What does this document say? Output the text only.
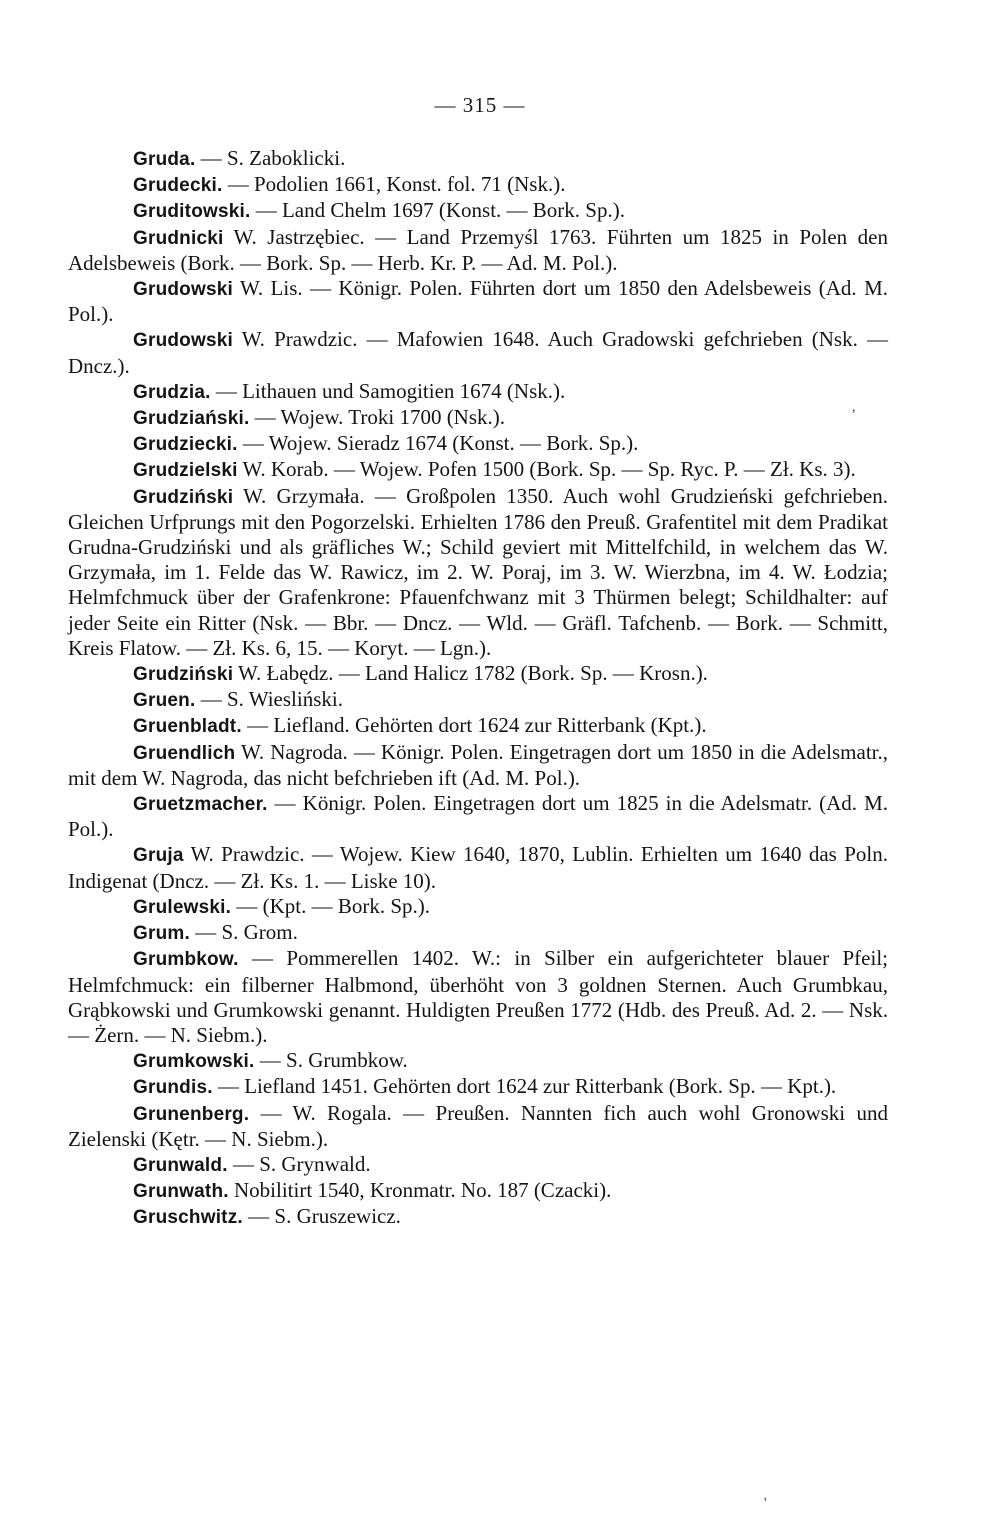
— 315 —

Gruda. — S. Zaboklicki.

Grudecki. — Podolien 1661, Konst. fol. 71 (Nsk.).

Gruditowski. — Land Chelm 1697 (Konst. — Bork. Sp.).

Grudnicki W. Jastrzębiec. — Land Przemyśl 1763. Führten um 1825 in Polen den Adelsbeweis (Bork. — Bork. Sp. — Herb. Kr. P. — Ad. M. Pol.).

Grudowski W. Lis. — Königr. Polen. Führten dort um 1850 den Adelsbeweis (Ad. M. Pol.).

Grudowski W. Prawdzic. — Mafowien 1648. Auch Gradowski gefchrieben (Nsk. — Dncz.).

Grudzia. — Lithauen und Samogitien 1674 (Nsk.).

Grudziański. — Wojew. Troki 1700 (Nsk.).

Grudziecki. — Wojew. Sieradz 1674 (Konst. — Bork. Sp.).

Grudzielski W. Korab. — Wojew. Pofen 1500 (Bork. Sp. — Sp. Ryc. P. — Zł. Ks. 3).

Grudziński W. Grzymała. — Großpolen 1350. Auch wohl Grudzieński gefchrieben. Gleichen Urfprungs mit den Pogorzelski. Erhielten 1786 den Preuß. Grafentitel mit dem Pradikat Grudna-Grudziński und als gräfliches W.; Schild geviert mit Mittelfchild, in welchem das W. Grzymała, im 1. Felde das W. Rawicz, im 2. W. Poraj, im 3. W. Wierzbna, im 4. W. Łodzia; Helmfchmuck über der Grafenkrone: Pfauenfchwanz mit 3 Thürmen belegt; Schildhalter: auf jeder Seite ein Ritter (Nsk. — Bbr. — Dncz. — Wld. — Gräfl. Tafchenb. — Bork. — Schmitt, Kreis Flatow. — Zł. Ks. 6, 15. — Koryt. — Lgn.).

Grudziński W. Łabędz. — Land Halicz 1782 (Bork. Sp. — Krosn.).

Gruen. — S. Wiesliński.

Gruenbladt. — Liefland. Gehörten dort 1624 zur Ritterbank (Kpt.).

Gruendlich W. Nagroda. — Königr. Polen. Eingetragen dort um 1850 in die Adelsmatr., mit dem W. Nagroda, das nicht befchrieben ift (Ad. M. Pol.).

Gruetzmacher. — Königr. Polen. Eingetragen dort um 1825 in die Adelsmatr. (Ad. M. Pol.).

Gruja W. Prawdzic. — Wojew. Kiew 1640, 1870, Lublin. Erhielten um 1640 das Poln. Indigenat (Dncz. — Zł. Ks. 1. — Liske 10).

Grulewski. — (Kpt. — Bork. Sp.).

Grum. — S. Grom.

Grumbkow. — Pommerellen 1402. W.: in Silber ein aufgerichteter blauer Pfeil; Helmfchmuck: ein filberner Halbmond, überhöht von 3 goldnen Sternen. Auch Grumbkau, Grąbkowski und Grumkowski genannt. Huldigten Preußen 1772 (Hdb. des Preuß. Ad. 2. — Nsk. — Żern. — N. Siebm.).

Grumkowski. — S. Grumbkow.

Grundis. — Liefland 1451. Gehörten dort 1624 zur Ritterbank (Bork. Sp. — Kpt.).

Grunenberg. — W. Rogala. — Preußen. Nannten fich auch wohl Gronowski und Zielenski (Kętr. — N. Siebm.).

Grunwald. — S. Grynwald.

Grunwath. Nobilitirt 1540, Kronmatr. No. 187 (Czacki).

Gruschwitz. — S. Gruszewicz.

,
'
